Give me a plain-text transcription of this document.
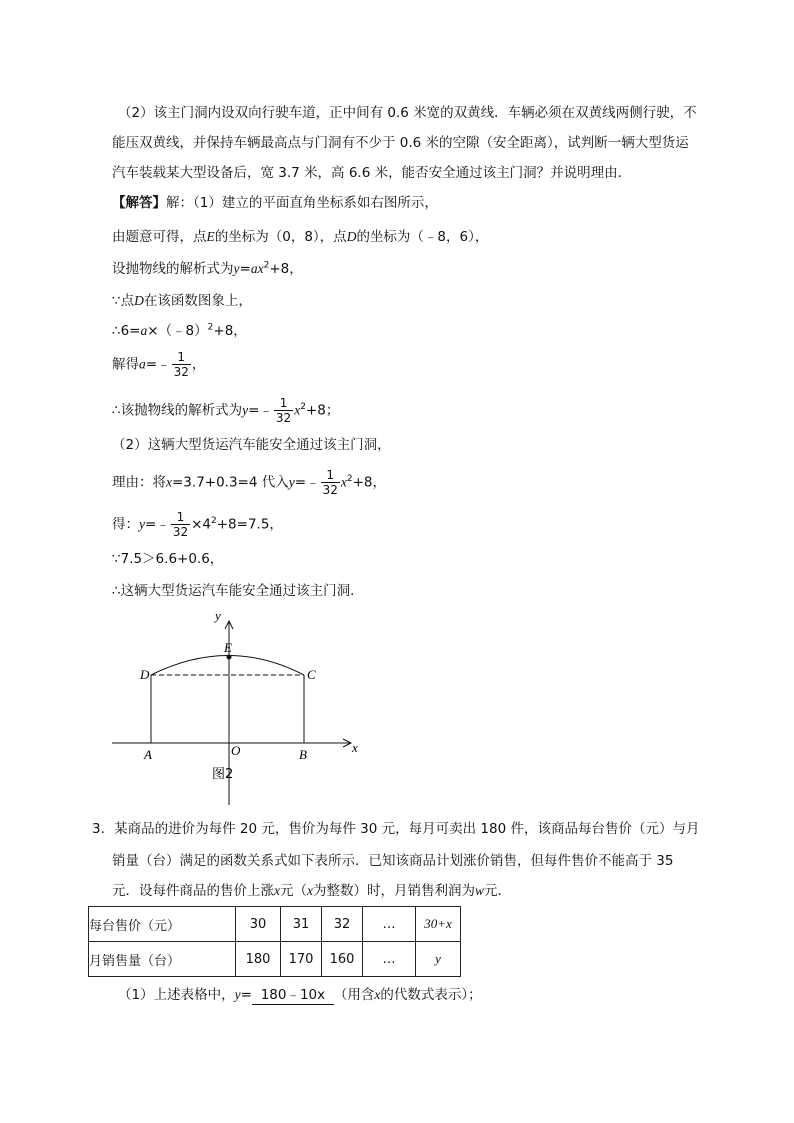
（2）该主门洞内设双向行驶车道，正中间有 0.6 米宽的双黄线．车辆必须在双黄线两侧行驶，不
能压双黄线，并保持车辆最高点与门洞有不少于 0.6 米的空隙（安全距离），试判断一辆大型货运
汽车装载某大型设备后，宽 3.7 米，高 6.6 米，能否安全通过该主门洞？并说明理由．
【解答】解：（1）建立的平面直角坐标系如右图所示，
由题意可得，点E的坐标为（0，8），点D的坐标为（﹣8，6），
设抛物线的解析式为$y=ax^2+8$，
∵点D在该函数图象上，
∴6=a×（﹣8）$^2$+8，
解得a=﹣ $\frac{1}{32}$ ，
∴该抛物线的解析式为y=﹣ $\frac{1}{32} x^2+8$；
（2）这辆大型货运汽车能安全通过该主门洞，
理由：将x=3.7+0.3=4 代入y=﹣ $\frac{1}{32} x^2+8$，
得：y=﹣ $\frac{1}{32} \times 4^2+8=7.5$，
∵7.5＞6.6+0.6，
∴这辆大型货运汽车能安全通过该主门洞．
y
x
E
D	C
A	O	B
图2
3．某商品的进价为每件 20 元，售价为每件 30 元，每月可卖出 180 件，该商品每台售价（元）与月
销量（台）满足的函数关系式如下表所示．已知该商品计划涨价销售，但每件售价不能高于 35
元．设每件商品的售价上涨x元（x为整数）时，月销售利润为w元．
每台售价（元）	30	31	32	…	30+x
月销售量（台）	180	170	160	…	y
（1）上述表格中，y= 180﹣10x （用含x的代数式表示）；
